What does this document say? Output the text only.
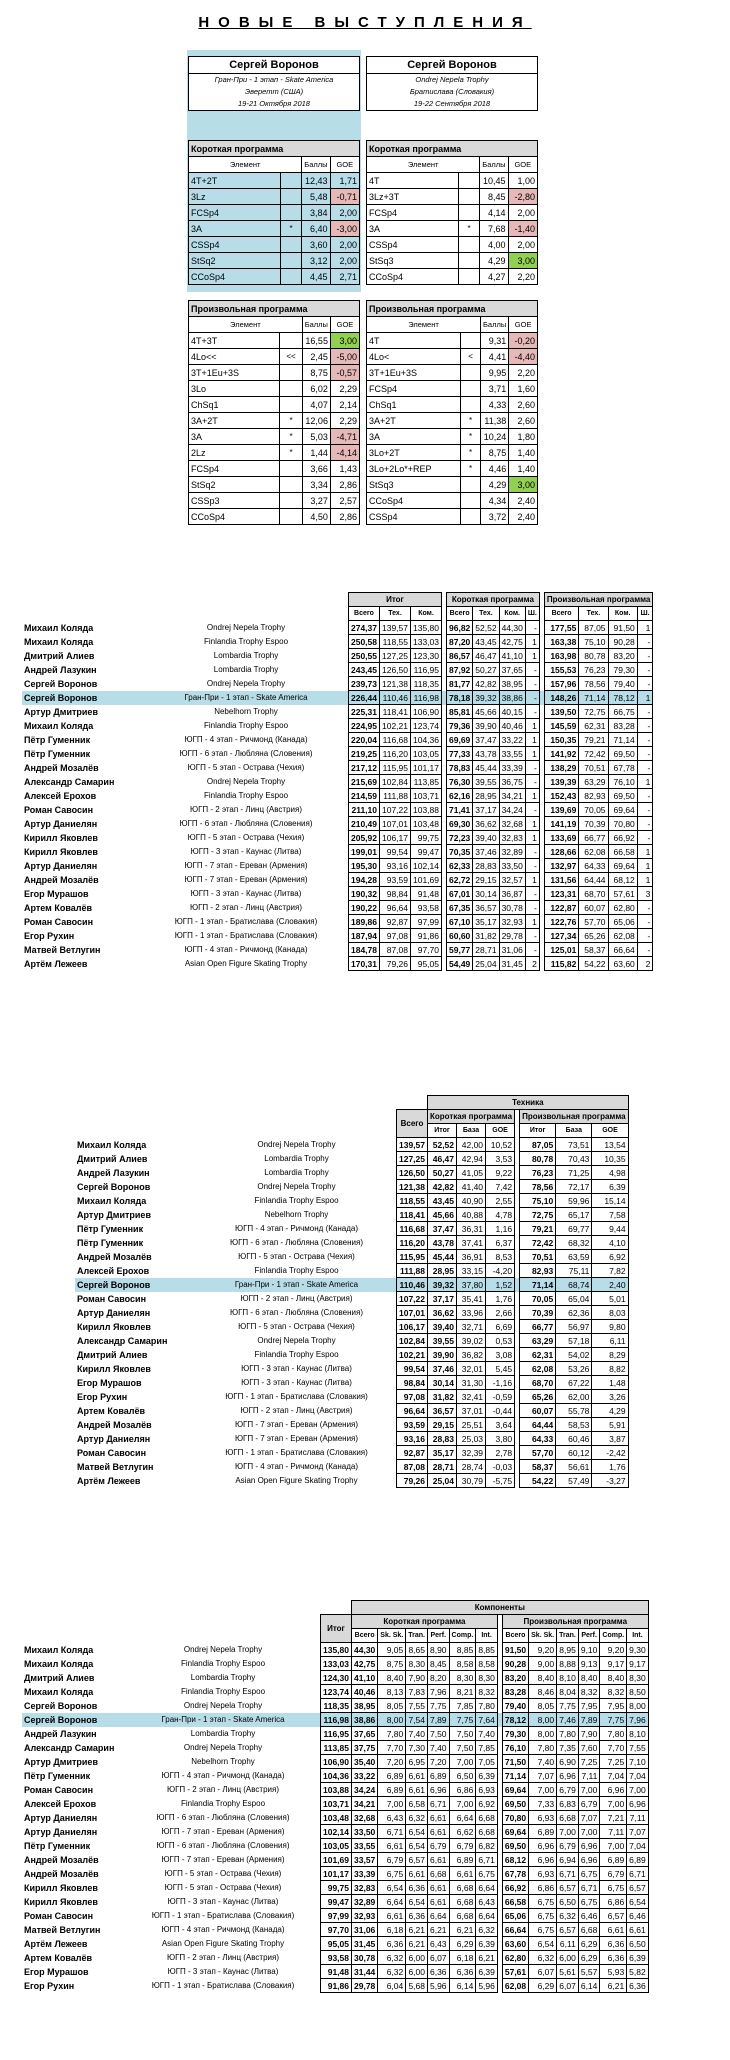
НОВЫЕ ВЫСТУПЛЕНИЯ
Сергей Воронов
Гран-При - 1 этап - Skate America
Эверетт (США)
19-21 Октября 2018
Короткая программа			
Элемент		Баллы	GOE
4T+2T		12,43	1,71
3Lz		5,48	-0,71
FCSp4		3,84	2,00
3A	*	6,40	-3,00
CSSp4		3,60	2,00
StSq2		3,12	2,00
CCoSp4		4,45	2,71
Произвольная программа			
Элемент		Баллы	GOE
4T+3T		16,55	3,00
4Lo<<	<<	2,45	-5,00
3T+1Eu+3S		8,75	-0,57
3Lo		6,02	2,29
ChSq1		4,07	2,14
3A+2T	*	12,06	2,29
3A	*	5,03	-4,71
2Lz	*	1,44	-4,14
FCSp4		3,66	1,43
StSq2		3,34	2,86
CSSp3		3,27	2,57
CCoSp4		4,50	2,86
Сергей Воронов
Ondrej Nepela Trophy
Братислава (Словакия)
19-22 Сентября 2018
Короткая программа			
Элемент		Баллы	GOE
4T		10,45	1,00
3Lz+3T		8,45	-2,80
FCSp4		4,14	2,00
3A	*	7,68	-1,40
CSSp4		4,00	2,00
StSq3		4,29	3,00
CCoSp4		4,27	2,20
Произвольная программа			
Элемент		Баллы	GOE
4T		9,31	-0,20
4Lo<	<	4,41	-4,40
3T+1Eu+3S		9,95	2,20
FCSp4		3,71	1,60
ChSq1		4,33	2,60
3A+2T	*	11,38	2,60
3A	*	10,24	1,80
3Lo+2T	*	8,75	1,40
3Lo+2Lo*+REP	*	4,46	1,40
StSq3		4,29	3,00
CCoSp4		4,34	2,40
CSSp4		3,72	2,40
		Итог				Короткая программа					Произвольная программа			
		Всего	Тех.	Ком.		Всего	Тех.	Ком.	Ш.		Всего	Тех.	Ком.	Ш.
Михаил Коляда	Ondrej Nepela Trophy	274,37	139,57	135,80		96,82	52,52	44,30	-		177,55	87,05	91,50	1
Михаил Коляда	Finlandia Trophy Espoo	250,58	118,55	133,03		87,20	43,45	42,75	1		163,38	75,10	90,28	-
Дмитрий Алиев	Lombardia Trophy	250,55	127,25	123,30		86,57	46,47	41,10	1		163,98	80,78	83,20	-
Андрей Лазукин	Lombardia Trophy	243,45	126,50	116,95		87,92	50,27	37,65	-		155,53	76,23	79,30	-
Сергей Воронов	Ondrej Nepela Trophy	239,73	121,38	118,35		81,77	42,82	38,95	-		157,96	78,56	79,40	-
Сергей Воронов	Гран-При - 1 этап - Skate America	226,44	110,46	116,98		78,18	39,32	38,86	-		148,26	71,14	78,12	1
Артур Дмитриев	Nebelhorn Trophy	225,31	118,41	106,90		85,81	45,66	40,15	-		139,50	72,75	66,75	-
Михаил Коляда	Finlandia Trophy Espoo	224,95	102,21	123,74		79,36	39,90	40,46	1		145,59	62,31	83,28	-
Пётр Гуменник	ЮГП - 4 этап - Ричмонд (Канада)	220,04	116,68	104,36		69,69	37,47	33,22	1		150,35	79,21	71,14	-
Пётр Гуменник	ЮГП - 6 этап - Любляна (Словения)	219,25	116,20	103,05		77,33	43,78	33,55	1		141,92	72,42	69,50	-
Андрей Мозалёв	ЮГП - 5 этап - Острава (Чехия)	217,12	115,95	101,17		78,83	45,44	33,39	-		138,29	70,51	67,78	-
Александр Самарин	Ondrej Nepela Trophy	215,69	102,84	113,85		76,30	39,55	36,75	-		139,39	63,29	76,10	1
Алексей Ерохов	Finlandia Trophy Espoo	214,59	111,88	103,71		62,16	28,95	34,21	1		152,43	82,93	69,50	-
Роман Савосин	ЮГП - 2 этап - Линц (Австрия)	211,10	107,22	103,88		71,41	37,17	34,24	-		139,69	70,05	69,64	-
Артур Даниелян	ЮГП - 6 этап - Любляна (Словения)	210,49	107,01	103,48		69,30	36,62	32,68	1		141,19	70,39	70,80	-
Кирилл Яковлев	ЮГП - 5 этап - Острава (Чехия)	205,92	106,17	99,75		72,23	39,40	32,83	1		133,69	66,77	66,92	-
Кирилл Яковлев	ЮГП - 3 этап - Каунас (Литва)	199,01	99,54	99,47		70,35	37,46	32,89	-		128,66	62,08	66,58	1
Артур Даниелян	ЮГП - 7 этап - Ереван (Армения)	195,30	93,16	102,14		62,33	28,83	33,50	-		132,97	64,33	69,64	1
Андрей Мозалёв	ЮГП - 7 этап - Ереван (Армения)	194,28	93,59	101,69		62,72	29,15	32,57	1		131,56	64,44	68,12	1
Егор Мурашов	ЮГП - 3 этап - Каунас (Литва)	190,32	98,84	91,48		67,01	30,14	36,87	-		123,31	68,70	57,61	3
Артем Ковалёв	ЮГП - 2 этап - Линц (Австрия)	190,22	96,64	93,58		67,35	36,57	30,78	-		122,87	60,07	62,80	-
Роман Савосин	ЮГП - 1 этап - Братислава (Словакия)	189,86	92,87	97,99		67,10	35,17	32,93	1		122,76	57,70	65,06	-
Егор Рухин	ЮГП - 1 этап - Братислава (Словакия)	187,94	97,08	91,86		60,60	31,82	29,78	-		127,34	65,26	62,08	-
Матвей Ветлугин	ЮГП - 4 этап - Ричмонд (Канада)	184,78	87,08	97,70		59,77	28,71	31,06	-		125,01	58,37	66,64	-
Артём Лежеев	Asian Open Figure Skating Trophy	170,31	79,26	95,05		54,49	25,04	31,45	2		115,82	54,22	63,60	2
			Техника						
		Всего	Короткая программа				Произвольная программа		
			Итог	База	GOE		Итог	База	GOE
Михаил Коляда	Ondrej Nepela Trophy	139,57	52,52	42,00	10,52		87,05	73,51	13,54
Дмитрий Алиев	Lombardia Trophy	127,25	46,47	42,94	3,53		80,78	70,43	10,35
Андрей Лазукин	Lombardia Trophy	126,50	50,27	41,05	9,22		76,23	71,25	4,98
Сергей Воронов	Ondrej Nepela Trophy	121,38	42,82	41,40	7,42		78,56	72,17	6,39
Михаил Коляда	Finlandia Trophy Espoo	118,55	43,45	40,90	2,55		75,10	59,96	15,14
Артур Дмитриев	Nebelhorn Trophy	118,41	45,66	40,88	4,78		72,75	65,17	7,58
Пётр Гуменник	ЮГП - 4 этап - Ричмонд (Канада)	116,68	37,47	36,31	1,16		79,21	69,77	9,44
Пётр Гуменник	ЮГП - 6 этап - Любляна (Словения)	116,20	43,78	37,41	6,37		72,42	68,32	4,10
Андрей Мозалёв	ЮГП - 5 этап - Острава (Чехия)	115,95	45,44	36,91	8,53		70,51	63,59	6,92
Алексей Ерохов	Finlandia Trophy Espoo	111,88	28,95	33,15	-4,20		82,93	75,11	7,82
Сергей Воронов	Гран-При - 1 этап - Skate America	110,46	39,32	37,80	1,52		71,14	68,74	2,40
Роман Савосин	ЮГП - 2 этап - Линц (Австрия)	107,22	37,17	35,41	1,76		70,05	65,04	5,01
Артур Даниелян	ЮГП - 6 этап - Любляна (Словения)	107,01	36,62	33,96	2,66		70,39	62,36	8,03
Кирилл Яковлев	ЮГП - 5 этап - Острава (Чехия)	106,17	39,40	32,71	6,69		66,77	56,97	9,80
Александр Самарин	Ondrej Nepela Trophy	102,84	39,55	39,02	0,53		63,29	57,18	6,11
Дмитрий Алиев	Finlandia Trophy Espoo	102,21	39,90	36,82	3,08		62,31	54,02	8,29
Кирилл Яковлев	ЮГП - 3 этап - Каунас (Литва)	99,54	37,46	32,01	5,45		62,08	53,26	8,82
Егор Мурашов	ЮГП - 3 этап - Каунас (Литва)	98,84	30,14	31,30	-1,16		68,70	67,22	1,48
Егор Рухин	ЮГП - 1 этап - Братислава (Словакия)	97,08	31,82	32,41	-0,59		65,26	62,00	3,26
Артем Ковалёв	ЮГП - 2 этап - Линц (Австрия)	96,64	36,57	37,01	-0,44		60,07	55,78	4,29
Андрей Мозалёв	ЮГП - 7 этап - Ереван (Армения)	93,59	29,15	25,51	3,64		64,44	58,53	5,91
Артур Даниелян	ЮГП - 7 этап - Ереван (Армения)	93,16	28,83	25,03	3,80		64,33	60,46	3,87
Роман Савосин	ЮГП - 1 этап - Братислава (Словакия)	92,87	35,17	32,39	2,78		57,70	60,12	-2,42
Матвей Ветлугин	ЮГП - 4 этап - Ричмонд (Канада)	87,08	28,71	28,74	-0,03		58,37	56,61	1,76
Артём Лежеев	Asian Open Figure Skating Trophy	79,26	25,04	30,79	-5,75		54,22	57,49	-3,27
			Компоненты												
		Итог	Короткая программа							Произвольная программа					
			Всего	Sk. Sk.	Tran.	Perf.	Comp.	Int.		Всего	Sk. Sk.	Tran.	Perf.	Comp.	Int.
Михаил Коляда	Ondrej Nepela Trophy	135,80	44,30	9,05	8,65	8,90	8,85	8,85		91,50	9,20	8,95	9,10	9,20	9,30
Михаил Коляда	Finlandia Trophy Espoo	133,03	42,75	8,75	8,30	8,45	8,58	8,58		90,28	9,00	8,88	9,13	9,17	9,17
Дмитрий Алиев	Lombardia Trophy	124,30	41,10	8,40	7,90	8,20	8,30	8,30		83,20	8,40	8,10	8,40	8,40	8,30
Михаил Коляда	Finlandia Trophy Espoo	123,74	40,46	8,13	7,83	7,96	8,21	8,32		83,28	8,46	8,04	8,32	8,32	8,50
Сергей Воронов	Ondrej Nepela Trophy	118,35	38,95	8,05	7,55	7,75	7,85	7,80		79,40	8,05	7,75	7,95	7,95	8,00
Сергей Воронов	Гран-При - 1 этап - Skate America	116,98	38,86	8,00	7,54	7,89	7,75	7,64		78,12	8,00	7,46	7,89	7,75	7,96
Андрей Лазукин	Lombardia Trophy	116,95	37,65	7,80	7,40	7,50	7,50	7,40		79,30	8,00	7,80	7,90	7,80	8,10
Александр Самарин	Ondrej Nepela Trophy	113,85	37,75	7,70	7,30	7,40	7,50	7,85		76,10	7,80	7,35	7,60	7,70	7,55
Артур Дмитриев	Nebelhorn Trophy	106,90	35,40	7,20	6,95	7,20	7,00	7,05		71,50	7,40	6,90	7,25	7,25	7,10
Пётр Гуменник	ЮГП - 4 этап - Ричмонд (Канада)	104,36	33,22	6,89	6,61	6,89	6,50	6,39		71,14	7,07	6,96	7,11	7,04	7,04
Роман Савосин	ЮГП - 2 этап - Линц (Австрия)	103,88	34,24	6,89	6,61	6,96	6,86	6,93		69,64	7,00	6,79	7,00	6,96	7,00
Алексей Ерохов	Finlandia Trophy Espoo	103,71	34,21	7,00	6,58	6,71	7,00	6,92		69,50	7,33	6,83	6,79	7,00	6,96
Артур Даниелян	ЮГП - 6 этап - Любляна (Словения)	103,48	32,68	6,43	6,32	6,61	6,64	6,68		70,80	6,93	6,68	7,07	7,21	7,11
Артур Даниелян	ЮГП - 7 этап - Ереван (Армения)	102,14	33,50	6,71	6,54	6,61	6,62	6,68		69,64	6,89	7,00	7,00	7,11	7,07
Пётр Гуменник	ЮГП - 6 этап - Любляна (Словения)	103,05	33,55	6,61	6,54	6,79	6,79	6,82		69,50	6,96	6,79	6,96	7,00	7,04
Андрей Мозалёв	ЮГП - 7 этап - Ереван (Армения)	101,69	33,57	6,79	6,57	6,61	6,89	6,71		68,12	6,96	6,94	6,96	6,89	6,89
Андрей Мозалёв	ЮГП - 5 этап - Острава (Чехия)	101,17	33,39	6,75	6,61	6,68	6,61	6,75		67,78	6,93	6,71	6,75	6,79	6,71
Кирилл Яковлев	ЮГП - 5 этап - Острава (Чехия)	99,75	32,83	6,54	6,36	6,61	6,68	6,64		66,92	6,86	6,57	6,71	6,75	6,57
Кирилл Яковлев	ЮГП - 3 этап - Каунас (Литва)	99,47	32,89	6,64	6,54	6,61	6,68	6,43		66,58	6,75	6,50	6,75	6,86	6,54
Роман Савосин	ЮГП - 1 этап - Братислава (Словакия)	97,99	32,93	6,61	6,36	6,64	6,68	6,64		65,06	6,75	6,32	6,46	6,57	6,46
Матвей Ветлугин	ЮГП - 4 этап - Ричмонд (Канада)	97,70	31,06	6,18	6,21	6,21	6,21	6,32		66,64	6,75	6,57	6,68	6,61	6,61
Артём Лежеев	Asian Open Figure Skating Trophy	95,05	31,45	6,36	6,21	6,43	6,29	6,39		63,60	6,54	6,11	6,29	6,36	6,50
Артем Ковалёв	ЮГП - 2 этап - Линц (Австрия)	93,58	30,78	6,32	6,00	6,07	6,18	6,21		62,80	6,32	6,00	6,29	6,36	6,39
Егор Мурашов	ЮГП - 3 этап - Каунас (Литва)	91,48	31,44	6,32	6,00	6,36	6,36	6,39		57,61	6,07	5,61	5,57	5,93	5,82
Егор Рухин	ЮГП - 1 этап - Братислава (Словакия)	91,86	29,78	6,04	5,68	5,96	6,14	5,96		62,08	6,29	6,07	6,14	6,21	6,36
